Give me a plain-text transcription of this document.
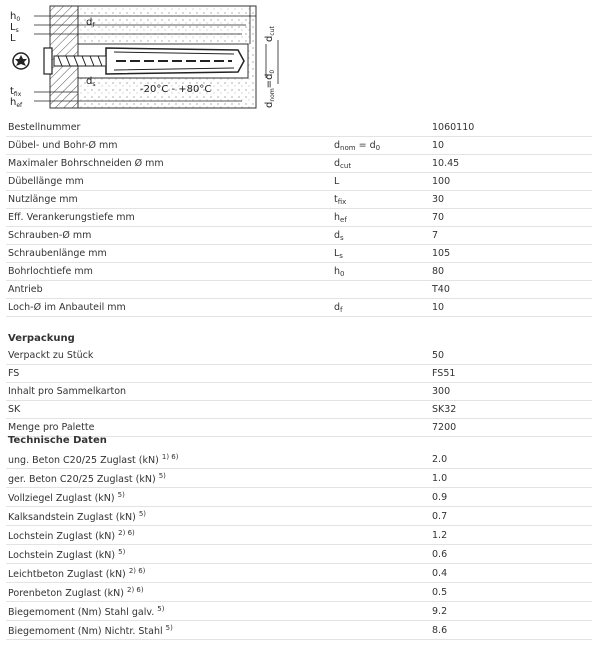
$h_0$
$L_s$
L
$t_{fix}$
$h_{ef}$
-20°C - +80°C
$d_f$
$d_s$
$d_{cut}$
$d_{nom}=d_0$
Bestellnummer		1060110
Dübel- und Bohr-Ø mm	$d_{nom} = d_0$	10
Maximaler Bohrschneiden Ø mm	$d_{cut}$	10.45
Dübellänge mm	L	100
Nutzlänge mm	$t_{fix}$	30
Eff. Verankerungstiefe mm	$h_{ef}$	70
Schrauben-Ø mm	$d_s$	7
Schraubenlänge mm	$L_s$	105
Bohrlochtiefe mm	$h_0$	80
Antrieb		T40
Loch-Ø im Anbauteil mm	$d_f$	10
Verpackung
Verpackt zu Stück		50
FS		FS51
Inhalt pro Sammelkarton		300
SK		SK32
Menge pro Palette		7200
Technische Daten
ung. Beton C20/25 Zuglast (kN) $^{1) 6)}$		2.0
ger. Beton C20/25 Zuglast (kN) $^{5)}$		1.0
Vollziegel Zuglast (kN) $^{5)}$		0.9
Kalksandstein Zuglast (kN) $^{5)}$		0.7
Lochstein Zuglast (kN) $^{2) 6)}$		1.2
Lochstein Zuglast (kN) $^{5)}$		0.6
Leichtbeton Zuglast (kN) $^{2) 6)}$		0.4
Porenbeton Zuglast (kN) $^{2) 6)}$		0.5
Biegemoment (Nm) Stahl galv. $^{5)}$		9.2
Biegemoment (Nm) Nichtr. Stahl $^{5)}$		8.6
